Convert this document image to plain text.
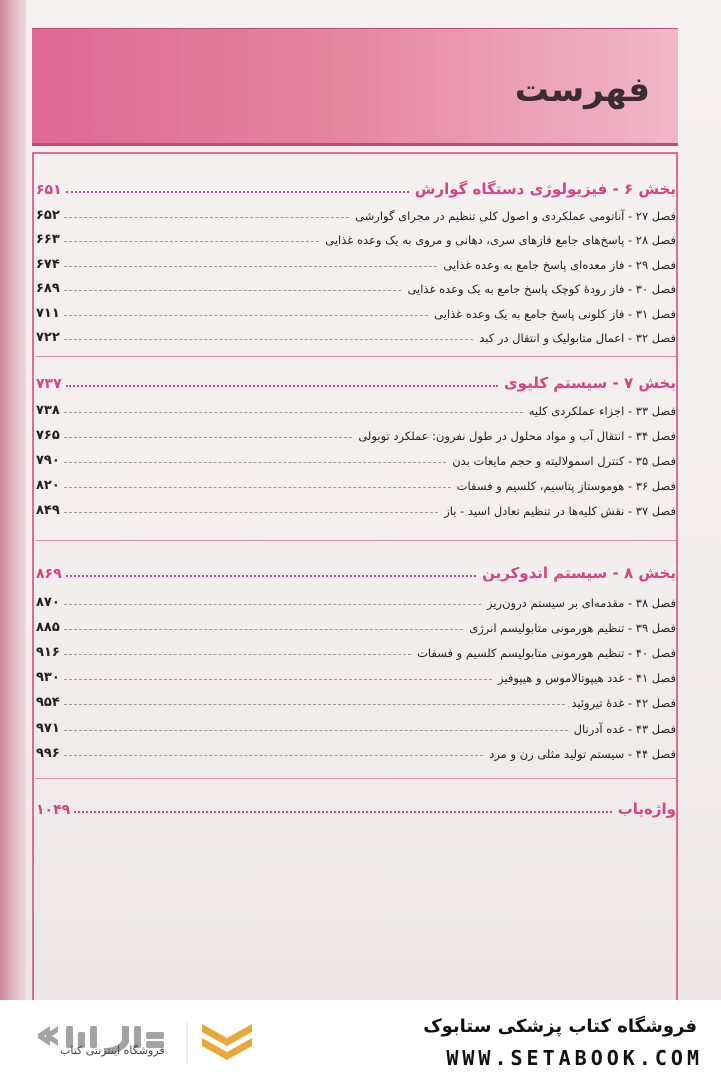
فهرست
بخش ۶ - فیزیولوژی دستگاه گوارش
۶۵۱
فصل ۲۷ - آناتومی عملکردی و اصول کلی تنظیم در مجرای گوارشی
۶۵۲
فصل ۲۸ - پاسخ‌های جامع فازهای سری، دهانی و مروی به یک وعده غذایی
۶۶۳
فصل ۲۹ - فاز معده‌ای پاسخ جامع به وعده غذایی
۶۷۴
فصل ۳۰ - فاز رودهٔ کوچک پاسخ جامع به یک وعده غذایی
۶۸۹
فصل ۳۱ - فاز کلونی پاسخ جامع به یک وعده غذایی
۷۱۱
فصل ۳۲ - اعمال متابولیک و انتقال در کبد
۷۲۲
بخش ۷ - سیستم کلیوی
۷۳۷
فصل ۳۳ - اجزاء عملکردی کلیه
۷۳۸
فصل ۳۴ - انتقال آب و مواد محلول در طول نفرون: عملکرد توبولی
۷۶۵
فصل ۳۵ - کنترل اسمولالیته و حجم مایعات بدن
۷۹۰
فصل ۳۶ - هوموستاز پتاسیم، کلسیم و فسفات
۸۲۰
فصل ۳۷ - نقش کلیه‌ها در تنظیم تعادل اسید - باز
۸۴۹
بخش ۸ - سیستم اندوکرین
۸۶۹
فصل ۳۸ - مقدمه‌ای بر سیستم درون‌ریز
۸۷۰
فصل ۳۹ - تنظیم هورمونی متابولیسم انرژی
۸۸۵
فصل ۴۰ - تنظیم هورمونی متابولیسم کلسیم و فسفات
۹۱۶
فصل ۴۱ - غدد هیپوتالاموس و هیپوفیز
۹۳۰
فصل ۴۲ - غدهٔ تیروئید
۹۵۴
فصل ۴۳ - غده آدرنال
۹۷۱
فصل ۴۴ - سیستم تولید مثلی زن و مرد
۹۹۶
واژه‌یاب
۱۰۴۹
فروشگاه اینترنتی کتاب
فروشگاه کتاب پزشکی ستابوک
WWW.SETABOOK.COM
